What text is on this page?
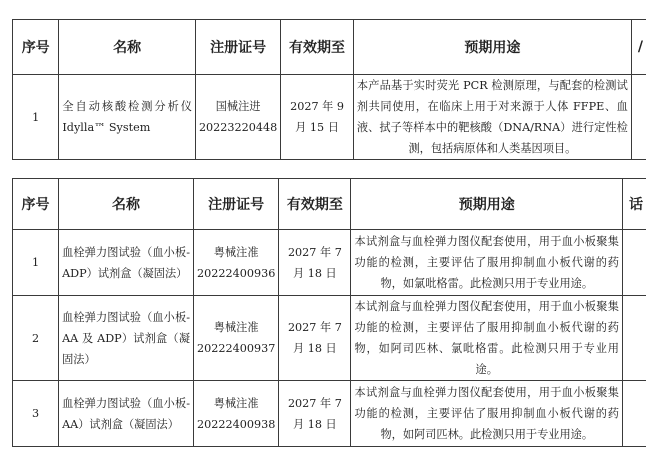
序号	名称	注册证号	有效期至	预期用途	/
1	全自动核酸检测分析仪 Idylla™ System	国械注进20223220448	2027 年 9 月 15 日	本产品基于实时荧光 PCR 检测原理，与配套的检测试剂共同使用，在临床上用于对来源于人体 FFPE、血液、拭子等样本中的靶核酸（DNA/RNA）进行定性检测，包括病原体和人类基因项目。	
序号	名称	注册证号	有效期至	预期用途	话
1	血栓弹力图试验（血小板-ADP）试剂盒（凝固法）	粤械注准20222400936	2027 年 7 月 18 日	本试剂盒与血栓弹力图仪配套使用，用于血小板聚集功能的检测，主要评估了服用抑制血小板代谢的药物，如氯吡格雷。此检测只用于专业用途。	
2	血栓弹力图试验（血小板-AA 及 ADP）试剂盒（凝固法）	粤械注准20222400937	2027 年 7 月 18 日	本试剂盒与血栓弹力图仪配套使用，用于血小板聚集功能的检测，主要评估了服用抑制血小板代谢的药物，如阿司匹林、氯吡格雷。此检测只用于专业用途。	
3	血栓弹力图试验（血小板-AA）试剂盒（凝固法）	粤械注准20222400938	2027 年 7 月 18 日	本试剂盒与血栓弹力图仪配套使用，用于血小板聚集功能的检测，主要评估了服用抑制血小板代谢的药物，如阿司匹林。此检测只用于专业用途。	
